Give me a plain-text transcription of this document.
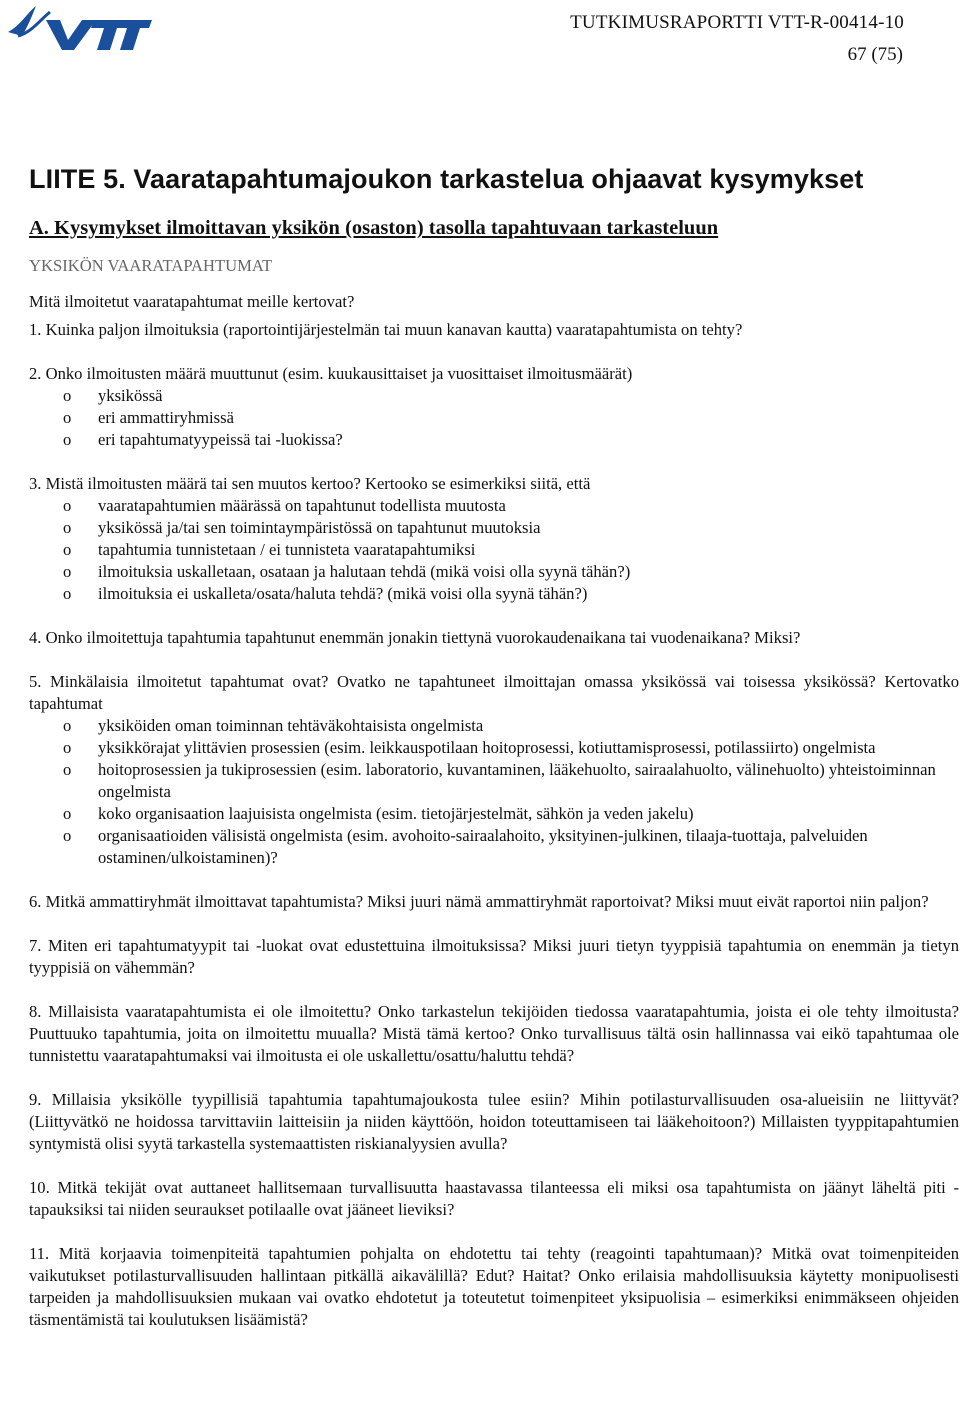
TUTKIMUSRAPORTTI VTT-R-00414-10
67 (75)
LIITE 5. Vaaratapahtumajoukon tarkastelua ohjaavat kysymykset
A. Kysymykset ilmoittavan yksikön (osaston) tasolla tapahtuvaan tarkasteluun

YKSIKÖN VAARATAPAHTUMAT

Mitä ilmoitetut vaaratapahtumat meille kertovat?

1. Kuinka paljon ilmoituksia (raportointijärjestelmän tai muun kanavan kautta) vaaratapahtumista on tehty?

2. Onko ilmoitusten määrä muuttunut (esim. kuukausittaiset ja vuosittaiset ilmoitusmäärät)

o yksikössä
o eri ammattiryhmissä
o eri tapahtumatyypeissä tai -luokissa?

3. Mistä ilmoitusten määrä tai sen muutos kertoo? Kertooko se esimerkiksi siitä, että

o vaaratapahtumien määrässä on tapahtunut todellista muutosta
o yksikössä ja/tai sen toimintaympäristössä on tapahtunut muutoksia
o tapahtumia tunnistetaan / ei tunnisteta vaaratapahtumiksi
o ilmoituksia uskalletaan, osataan ja halutaan tehdä (mikä voisi olla syynä tähän?)
o ilmoituksia ei uskalleta/osata/haluta tehdä? (mikä voisi olla syynä tähän?)

4. Onko ilmoitettuja tapahtumia tapahtunut enemmän jonakin tiettynä vuorokaudenaikana tai vuodenaikana? Miksi?

5. Minkälaisia ilmoitetut tapahtumat ovat? Ovatko ne tapahtuneet ilmoittajan omassa yksikössä vai toisessa yksikössä? Kertovatko tapahtumat

o yksiköiden oman toiminnan tehtäväkohtaisista ongelmista
o yksikkörajat ylittävien prosessien (esim. leikkauspotilaan hoitoprosessi, kotiuttamisprosessi, potilassiirto) ongelmista
o hoitoprosessien ja tukiprosessien (esim. laboratorio, kuvantaminen, lääkehuolto, sairaalahuolto, välinehuolto) yhteistoiminnan ongelmista
o koko organisaation laajuisista ongelmista (esim. tietojärjestelmät, sähkön ja veden jakelu)
o organisaatioiden välisistä ongelmista (esim. avohoito-sairaalahoito, yksityinen-julkinen, tilaaja-tuottaja, palveluiden ostaminen/ulkoistaminen)?

6. Mitkä ammattiryhmät ilmoittavat tapahtumista? Miksi juuri nämä ammattiryhmät raportoivat? Miksi muut eivät raportoi niin paljon?

7. Miten eri tapahtumatyypit tai -luokat ovat edustettuina ilmoituksissa? Miksi juuri tietyn tyyppisiä tapahtumia on enemmän ja tietyn tyyppisiä on vähemmän?

8. Millaisista vaaratapahtumista ei ole ilmoitettu? Onko tarkastelun tekijöiden tiedossa vaaratapahtumia, joista ei ole tehty ilmoitusta? Puuttuuko tapahtumia, joita on ilmoitettu muualla? Mistä tämä kertoo? Onko turvallisuus tältä osin hallinnassa vai eikö tapahtumaa ole tunnistettu vaaratapahtumaksi vai ilmoitusta ei ole uskallettu/osattu/haluttu tehdä?

9. Millaisia yksikölle tyypillisiä tapahtumia tapahtumajoukosta tulee esiin? Mihin potilasturvallisuuden osa-alueisiin ne liittyvät? (Liittyvätkö ne hoidossa tarvittaviin laitteisiin ja niiden käyttöön, hoidon toteuttamiseen tai lääkehoitoon?) Millaisten tyyppitapahtumien syntymistä olisi syytä tarkastella systemaattisten riskianalyysien avulla?

10. Mitkä tekijät ovat auttaneet hallitsemaan turvallisuutta haastavassa tilanteessa eli miksi osa tapahtumista on jäänyt läheltä piti -tapauksiksi tai niiden seuraukset potilaalle ovat jääneet lieviksi?

11. Mitä korjaavia toimenpiteitä tapahtumien pohjalta on ehdotettu tai tehty (reagointi tapahtumaan)? Mitkä ovat toimenpiteiden vaikutukset potilasturvallisuuden hallintaan pitkällä aikavälillä? Edut? Haitat? Onko erilaisia mahdollisuuksia käytetty monipuolisesti tarpeiden ja mahdollisuuksien mukaan vai ovatko ehdotetut ja toteutetut toimenpiteet yksipuolisia – esimerkiksi enimmäkseen ohjeiden täsmentämistä tai koulutuksen lisäämistä?
